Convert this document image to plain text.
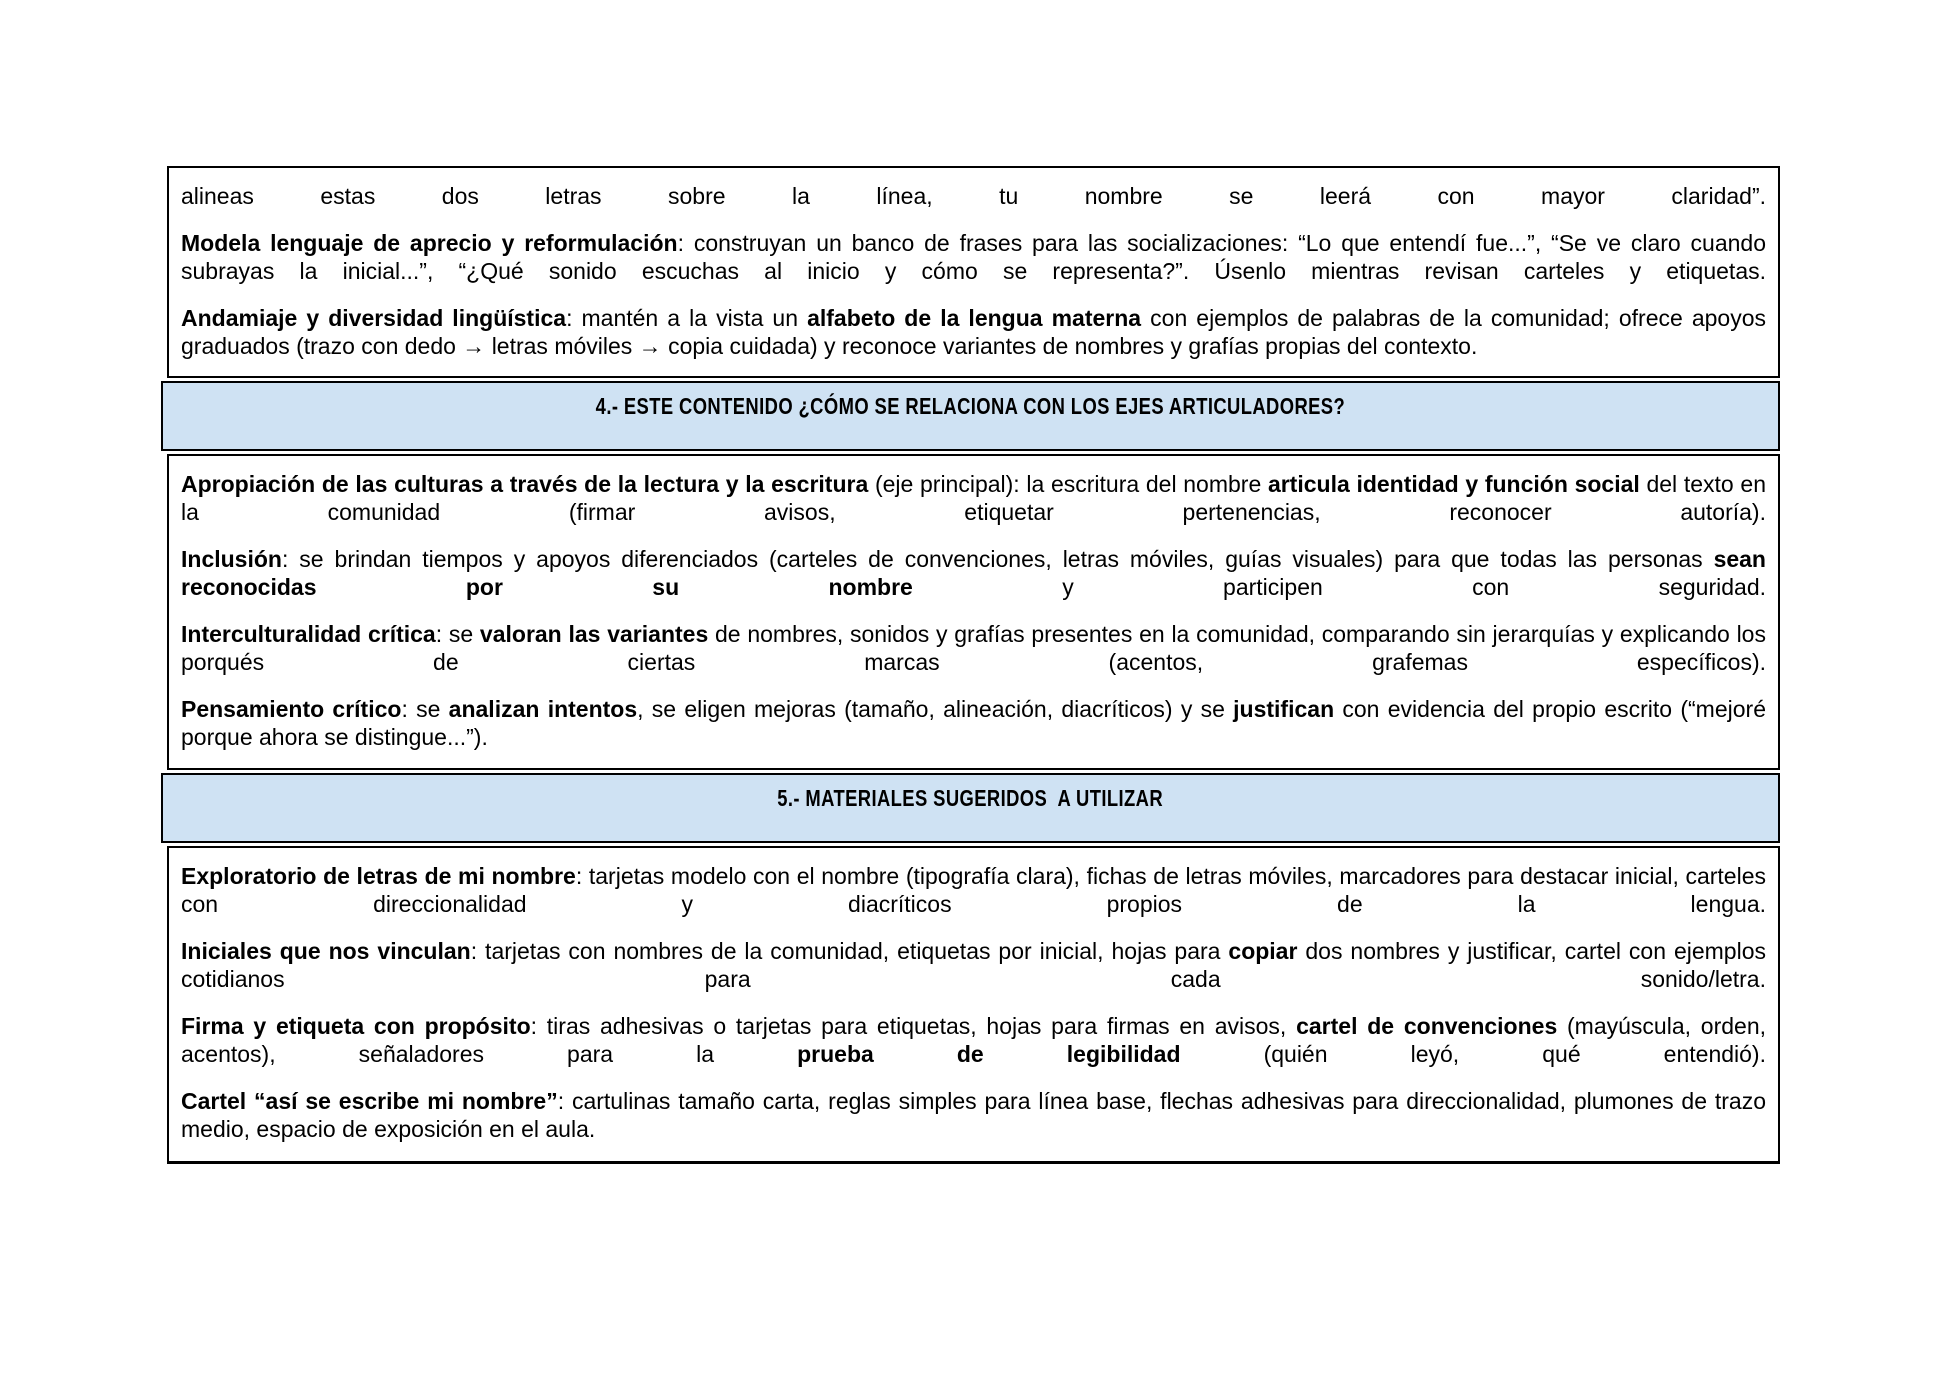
alineas estas dos letras sobre la línea, tu nombre se leerá con mayor claridad”.

Modela lenguaje de aprecio y reformulación: construyan un banco de frases para las socializaciones: “Lo que entendí fue...”, “Se ve claro cuando subrayas la inicial...”, “¿Qué sonido escuchas al inicio y cómo se representa?”. Úsenlo mientras revisan carteles y etiquetas.

Andamiaje y diversidad lingüística: mantén a la vista un alfabeto de la lengua materna con ejemplos de palabras de la comunidad; ofrece apoyos graduados (trazo con dedo → letras móviles → copia cuidada) y reconoce variantes de nombres y grafías propias del contexto.

4.- ESTE CONTENIDO ¿CÓMO SE RELACIONA CON LOS EJES ARTICULADORES?

Apropiación de las culturas a través de la lectura y la escritura (eje principal): la escritura del nombre articula identidad y función social del texto en la comunidad (firmar avisos, etiquetar pertenencias, reconocer autoría).

Inclusión: se brindan tiempos y apoyos diferenciados (carteles de convenciones, letras móviles, guías visuales) para que todas las personas sean reconocidas por su nombre y participen con seguridad.

Interculturalidad crítica: se valoran las variantes de nombres, sonidos y grafías presentes en la comunidad, comparando sin jerarquías y explicando los porqués de ciertas marcas (acentos, grafemas específicos).

Pensamiento crítico: se analizan intentos, se eligen mejoras (tamaño, alineación, diacríticos) y se justifican con evidencia del propio escrito (“mejoré porque ahora se distingue...”).

5.- MATERIALES SUGERIDOS  A UTILIZAR

Exploratorio de letras de mi nombre: tarjetas modelo con el nombre (tipografía clara), fichas de letras móviles, marcadores para destacar inicial, carteles con direccionalidad y diacríticos propios de la lengua.

Iniciales que nos vinculan: tarjetas con nombres de la comunidad, etiquetas por inicial, hojas para copiar dos nombres y justificar, cartel con ejemplos cotidianos para cada sonido/letra.

Firma y etiqueta con propósito: tiras adhesivas o tarjetas para etiquetas, hojas para firmas en avisos, cartel de convenciones (mayúscula, orden, acentos), señaladores para la prueba de legibilidad (quién leyó, qué entendió).

Cartel “así se escribe mi nombre”: cartulinas tamaño carta, reglas simples para línea base, flechas adhesivas para direccionalidad, plumones de trazo medio, espacio de exposición en el aula.
